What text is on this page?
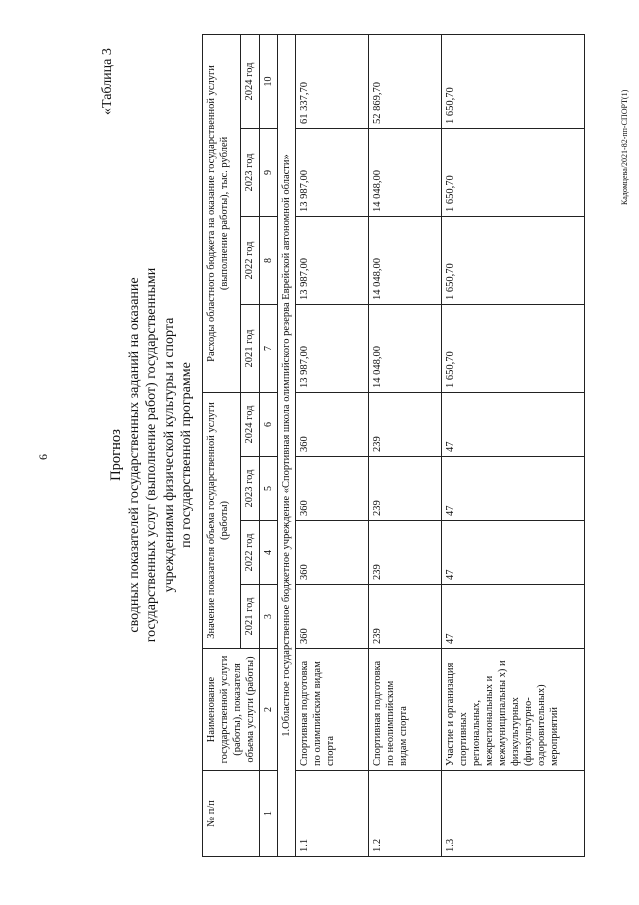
6
«Таблица 3
Прогноз сводных показателей государственных заданий на оказание государственных услуг (выполнение работ) государственными учреждениями физической культуры и спорта по государственной программе
№ п/п	Наименование государственной услуги (работы), показателя объема услуги (работы)	Значение показателя объема государственной услуги (работы)				Расходы областного бюджета на оказание государственной услуги (выполнение работы), тыс. рублей			
		2021 год	2022 год	2023 год	2024 год	2021 год	2022 год	2023 год	2024 год
1	2	3	4	5	6	7	8	9	10
1.Областное государственное бюджетное учреждение «Спортивная школа олимпийского резерва Еврейской автономной области»									
1.1	Спортивная подготовка по олимпийским видам спорта	360	360	360	360	13 987,00	13 987,00	13 987,00	61 337,70
1.2	Спортивная подготовка по неолимпийским видам спорта	239	239	239	239	14 048,00	14 048,00	14 048,00	52 869,70
1.3	Участие и организация спортивных региональных, межрегиональных и межмуниципальны х) и физкультурных (физкультурно-оздоровительных) мероприятий	47	47	47	47	1 650,70	1 650,70	1 650,70	1 650,70	Кадомцева/2021-82-пп-СПОРТ(1)
